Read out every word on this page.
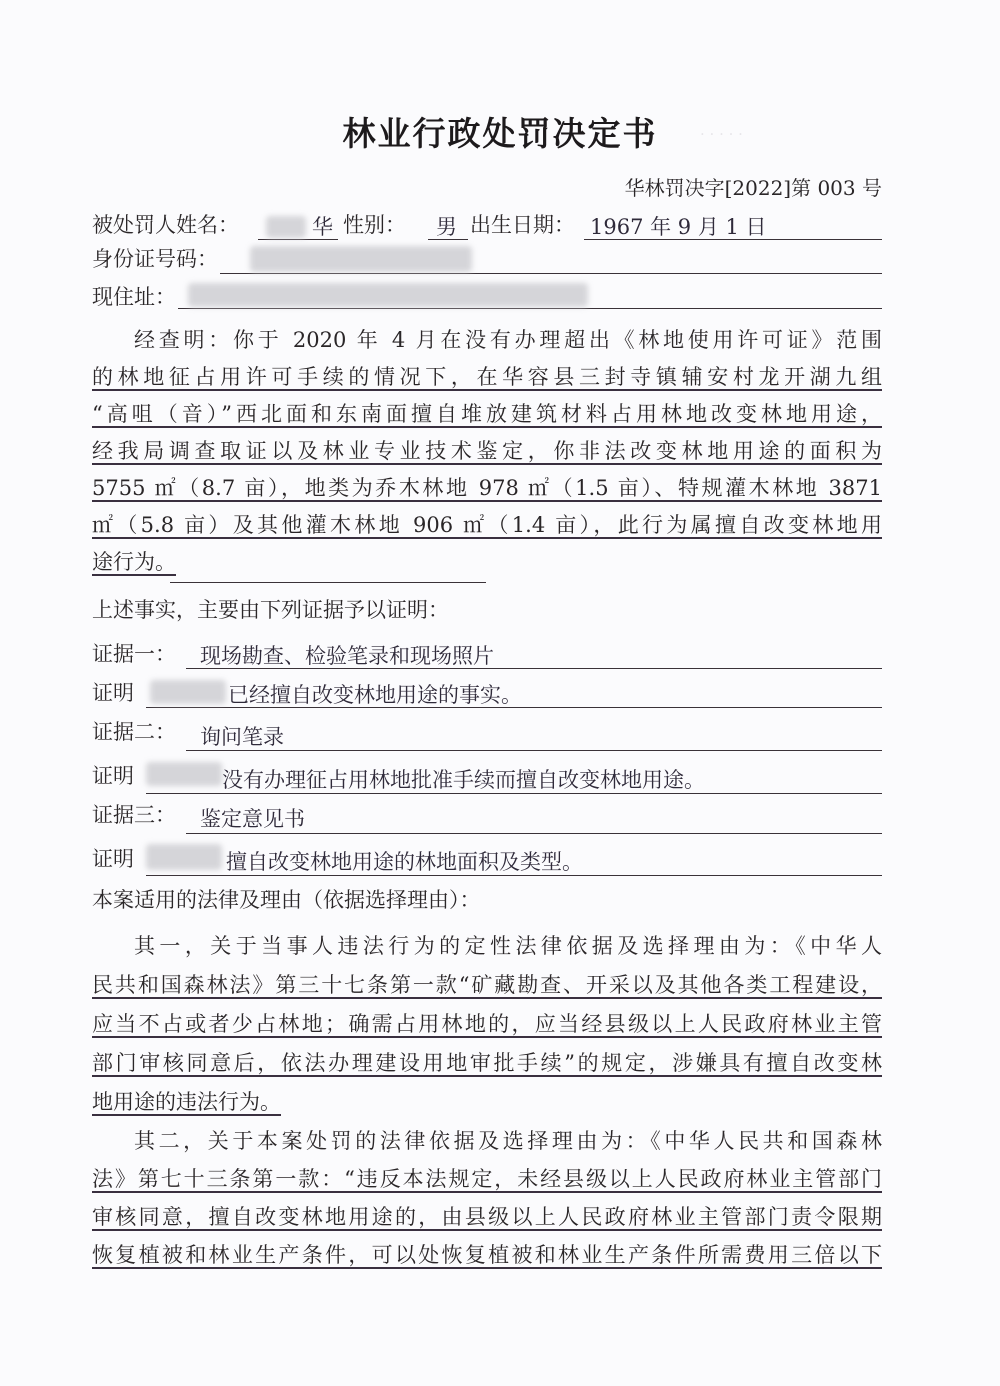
· · · · ·
林业行政处罚决定书
华林罚决字[2022]第 003 号
被处罚人姓名：	华 性别： 男 出生日期： 1967 年 9 月 1 日
身份证号码：
现住址：
经查明：你于 2020 年 4 月在没有办理超出《林地使用许可证》范围
的林地征占用许可手续的情况下，在华容县三封寺镇辅安村龙开湖九组
“高咀（音）”西北面和东南面擅自堆放建筑材料占用林地改变林地用途，
经我局调查取证以及林业专业技术鉴定，你非法改变林地用途的面积为
5755 ㎡（8.7 亩），地类为乔木林地 978 ㎡（1.5 亩）、特规灌木林地 3871
㎡（5.8 亩）及其他灌木林地 906 ㎡（1.4 亩），此行为属擅自改变林地用
途行为。
上述事实，主要由下列证据予以证明：
证据一： 现场勘查、检验笔录和现场照片
证明	已经擅自改变林地用途的事实。
证据二： 询问笔录
证明	没有办理征占用林地批准手续而擅自改变林地用途。
证据三： 鉴定意见书
证明	擅自改变林地用途的林地面积及类型。
本案适用的法律及理由（依据选择理由）：
其一，关于当事人违法行为的定性法律依据及选择理由为：《中华人
民共和国森林法》第三十七条第一款“矿藏勘查、开采以及其他各类工程建设，
应当不占或者少占林地；确需占用林地的，应当经县级以上人民政府林业主管
部门审核同意后，依法办理建设用地审批手续”的规定，涉嫌具有擅自改变林
地用途的违法行为。
其二，关于本案处罚的法律依据及选择理由为：《中华人民共和国森林
法》第七十三条第一款：“违反本法规定，未经县级以上人民政府林业主管部门
审核同意，擅自改变林地用途的，由县级以上人民政府林业主管部门责令限期
恢复植被和林业生产条件，可以处恢复植被和林业生产条件所需费用三倍以下
